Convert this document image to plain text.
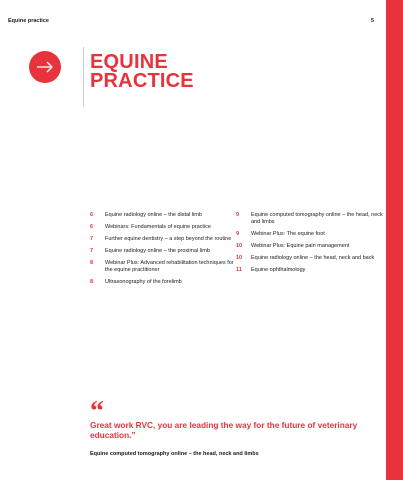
Equine practice	5
EQUINE
PRACTICE
6	Equine radiology online – the distal limb
6	Webinars: Fundamentals of equine practice
7	Further equine dentistry – a step beyond the routine
7	Equine radiology online – the proximal limb
8	Webinar Plus: Advanced rehabilitation techniques for the equine practitioner
8	Ultrasonography of the forelimb
9	Equine computed tomography online – the head, neck and limbs
9	Webinar Plus: The equine foot
10	Webinar Plus: Equine pain management
10	Equine radiology online – the head, neck and back
11	Equine ophthalmology
“
Great work RVC, you are leading the way for the future of veterinary education.”
Equine computed tomography online – the head, neck and limbs
